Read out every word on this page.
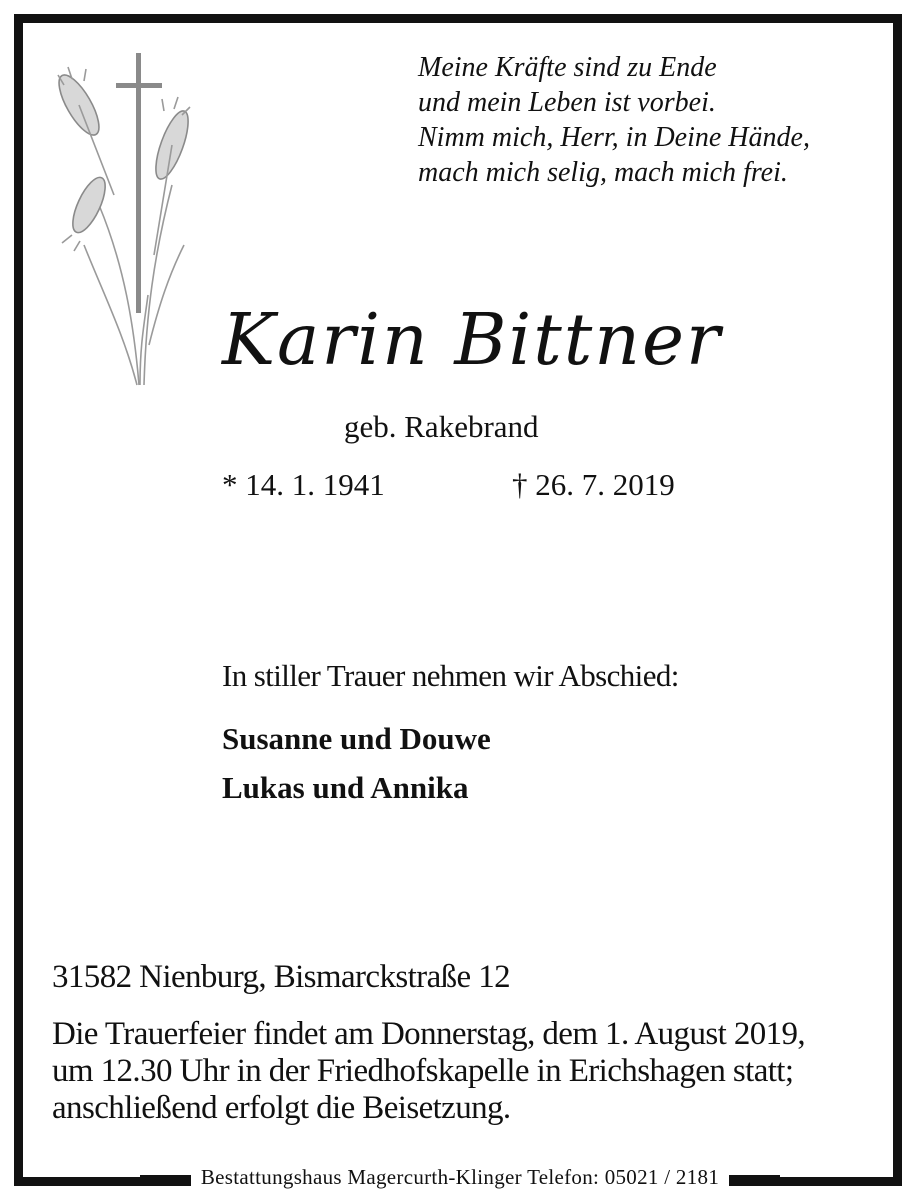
Meine Kräfte sind zu Ende
und mein Leben ist vorbei.
Nimm mich, Herr, in Deine Hände,
mach mich selig, mach mich frei.
Karin Bittner
geb. Rakebrand
* 14. 1. 1941	† 26. 7. 2019
In stiller Trauer nehmen wir Abschied:
Susanne und Douwe
Lukas und Annika
31582 Nienburg, Bismarckstraße 12
Die Trauerfeier findet am Donnerstag, dem 1. August 2019,
um 12.30 Uhr in der Friedhofskapelle in Erichshagen statt;
anschließend erfolgt die Beisetzung.
Bestattungshaus Magercurth-Klinger Telefon: 05021 / 2181
